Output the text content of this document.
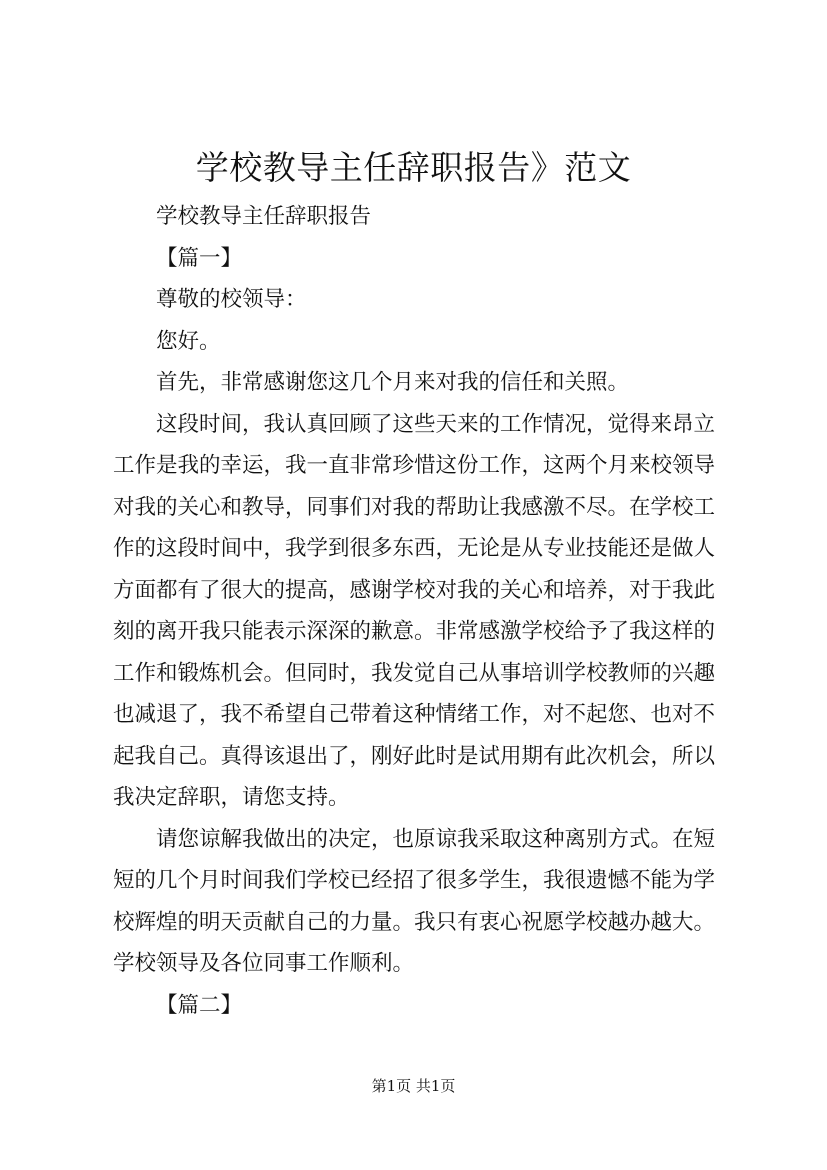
学校教导主任辞职报告》范文
学校教导主任辞职报告
【篇一】
尊敬的校领导：
您好。
首先，非常感谢您这几个月来对我的信任和关照。
这段时间，我认真回顾了这些天来的工作情况，觉得来昂立
工作是我的幸运，我一直非常珍惜这份工作，这两个月来校领导
对我的关心和教导，同事们对我的帮助让我感激不尽。在学校工
作的这段时间中，我学到很多东西，无论是从专业技能还是做人
方面都有了很大的提高，感谢学校对我的关心和培养，对于我此
刻的离开我只能表示深深的歉意。非常感激学校给予了我这样的
工作和锻炼机会。但同时，我发觉自己从事培训学校教师的兴趣
也减退了，我不希望自己带着这种情绪工作，对不起您、也对不
起我自己。真得该退出了，刚好此时是试用期有此次机会，所以
我决定辞职，请您支持。
请您谅解我做出的决定，也原谅我采取这种离别方式。在短
短的几个月时间我们学校已经招了很多学生，我很遗憾不能为学
校辉煌的明天贡献自己的力量。我只有衷心祝愿学校越办越大。
学校领导及各位同事工作顺利。
【篇二】
第1页 共1页
